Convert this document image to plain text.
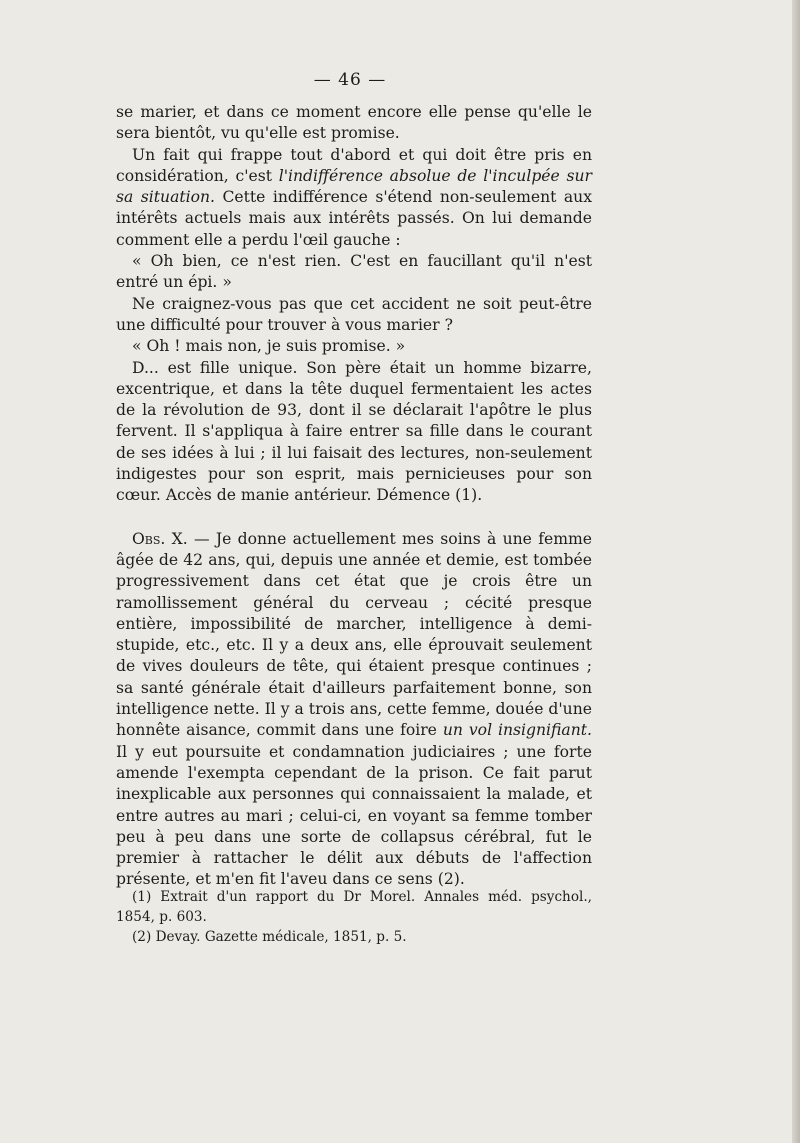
— 46 —

se marier, et dans ce moment encore elle pense qu'elle le sera bientôt, vu qu'elle est promise.

Un fait qui frappe tout d'abord et qui doit être pris en considération, c'est l'indifférence absolue de l'inculpée sur sa situation. Cette indifférence s'étend non-seulement aux intérêts actuels mais aux intérêts passés. On lui demande comment elle a perdu l'œil gauche :

« Oh bien, ce n'est rien. C'est en faucillant qu'il n'est entré un épi. »

Ne craignez-vous pas que cet accident ne soit peut-être une difficulté pour trouver à vous marier ?

« Oh ! mais non, je suis promise. »

D... est fille unique. Son père était un homme bizarre, excentrique, et dans la tête duquel fermentaient les actes de la révolution de 93, dont il se déclarait l'apôtre le plus fervent. Il s'appliqua à faire entrer sa fille dans le courant de ses idées à lui ; il lui faisait des lectures, non-seulement indigestes pour son esprit, mais pernicieuses pour son cœur. Accès de manie antérieur. Démence (1).

Obs. X. — Je donne actuellement mes soins à une femme âgée de 42 ans, qui, depuis une année et demie, est tombée progressivement dans cet état que je crois être un ramollissement général du cerveau ; cécité presque entière, impossibilité de marcher, intelligence à demi-stupide, etc., etc. Il y a deux ans, elle éprouvait seulement de vives douleurs de tête, qui étaient presque continues ; sa santé générale était d'ailleurs parfaitement bonne, son intelligence nette. Il y a trois ans, cette femme, douée d'une honnête aisance, commit dans une foire un vol insignifiant. Il y eut poursuite et condamnation judiciaires ; une forte amende l'exempta cependant de la prison. Ce fait parut inexplicable aux personnes qui connaissaient la malade, et entre autres au mari ; celui-ci, en voyant sa femme tomber peu à peu dans une sorte de collapsus cérébral, fut le premier à rattacher le délit aux débuts de l'affection présente, et m'en fit l'aveu dans ce sens (2).

(1) Extrait d'un rapport du Dr Morel. Annales méd. psychol., 1854, p. 603.

(2) Devay. Gazette médicale, 1851, p. 5.
